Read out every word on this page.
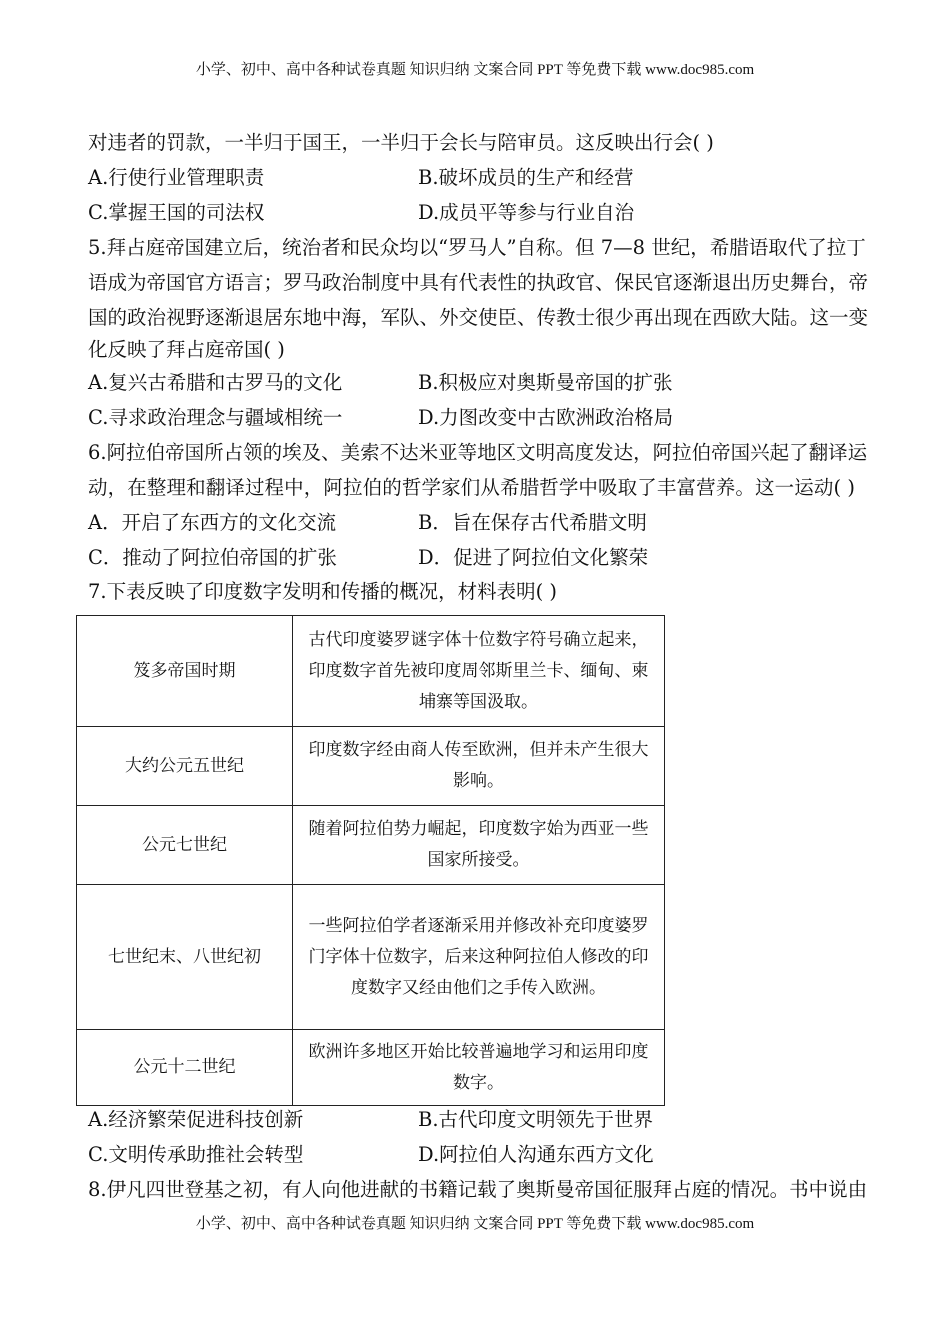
小学、初中、高中各种试卷真题 知识归纳 文案合同 PPT 等免费下载 www.doc985.com
对违者的罚款，一半归于国王，一半归于会长与陪审员。这反映出行会( )
A.行使行业管理职责	B.破坏成员的生产和经营
C.掌握王国的司法权	D.成员平等参与行业自治
5.拜占庭帝国建立后，统治者和民众均以“罗马人”自称。但 7—8 世纪，希腊语取代了拉丁
语成为帝国官方语言；罗马政治制度中具有代表性的执政官、保民官逐渐退出历史舞台，帝
国的政治视野逐渐退居东地中海，军队、外交使臣、传教士很少再出现在西欧大陆。这一变
化反映了拜占庭帝国( )
A.复兴古希腊和古罗马的文化	B.积极应对奥斯曼帝国的扩张
C.寻求政治理念与疆域相统一	D.力图改变中古欧洲政治格局
6.阿拉伯帝国所占领的埃及、美索不达米亚等地区文明高度发达，阿拉伯帝国兴起了翻译运
动，在整理和翻译过程中，阿拉伯的哲学家们从希腊哲学中吸取了丰富营养。这一运动( )
A．开启了东西方的文化交流	B．旨在保存古代希腊文明
C．推动了阿拉伯帝国的扩张	D．促进了阿拉伯文化繁荣
7.下表反映了印度数字发明和传播的概况，材料表明( )
笈多帝国时期	古代印度婆罗谜字体十位数字符号确立起来，印度数字首先被印度周邻斯里兰卡、缅甸、柬埔寨等国汲取。
大约公元五世纪	印度数字经由商人传至欧洲，但并未产生很大影响。
公元七世纪	随着阿拉伯势力崛起，印度数字始为西亚一些国家所接受。
七世纪末、八世纪初	一些阿拉伯学者逐渐采用并修改补充印度婆罗门字体十位数字，后来这种阿拉伯人修改的印度数字又经由他们之手传入欧洲。
公元十二世纪	欧洲许多地区开始比较普遍地学习和运用印度数字。
A.经济繁荣促进科技创新	B.古代印度文明领先于世界
C.文明传承助推社会转型	D.阿拉伯人沟通东西方文化
8.伊凡四世登基之初，有人向他进献的书籍记载了奥斯曼帝国征服拜占庭的情况。书中说由
小学、初中、高中各种试卷真题 知识归纳 文案合同 PPT 等免费下载 www.doc985.com
